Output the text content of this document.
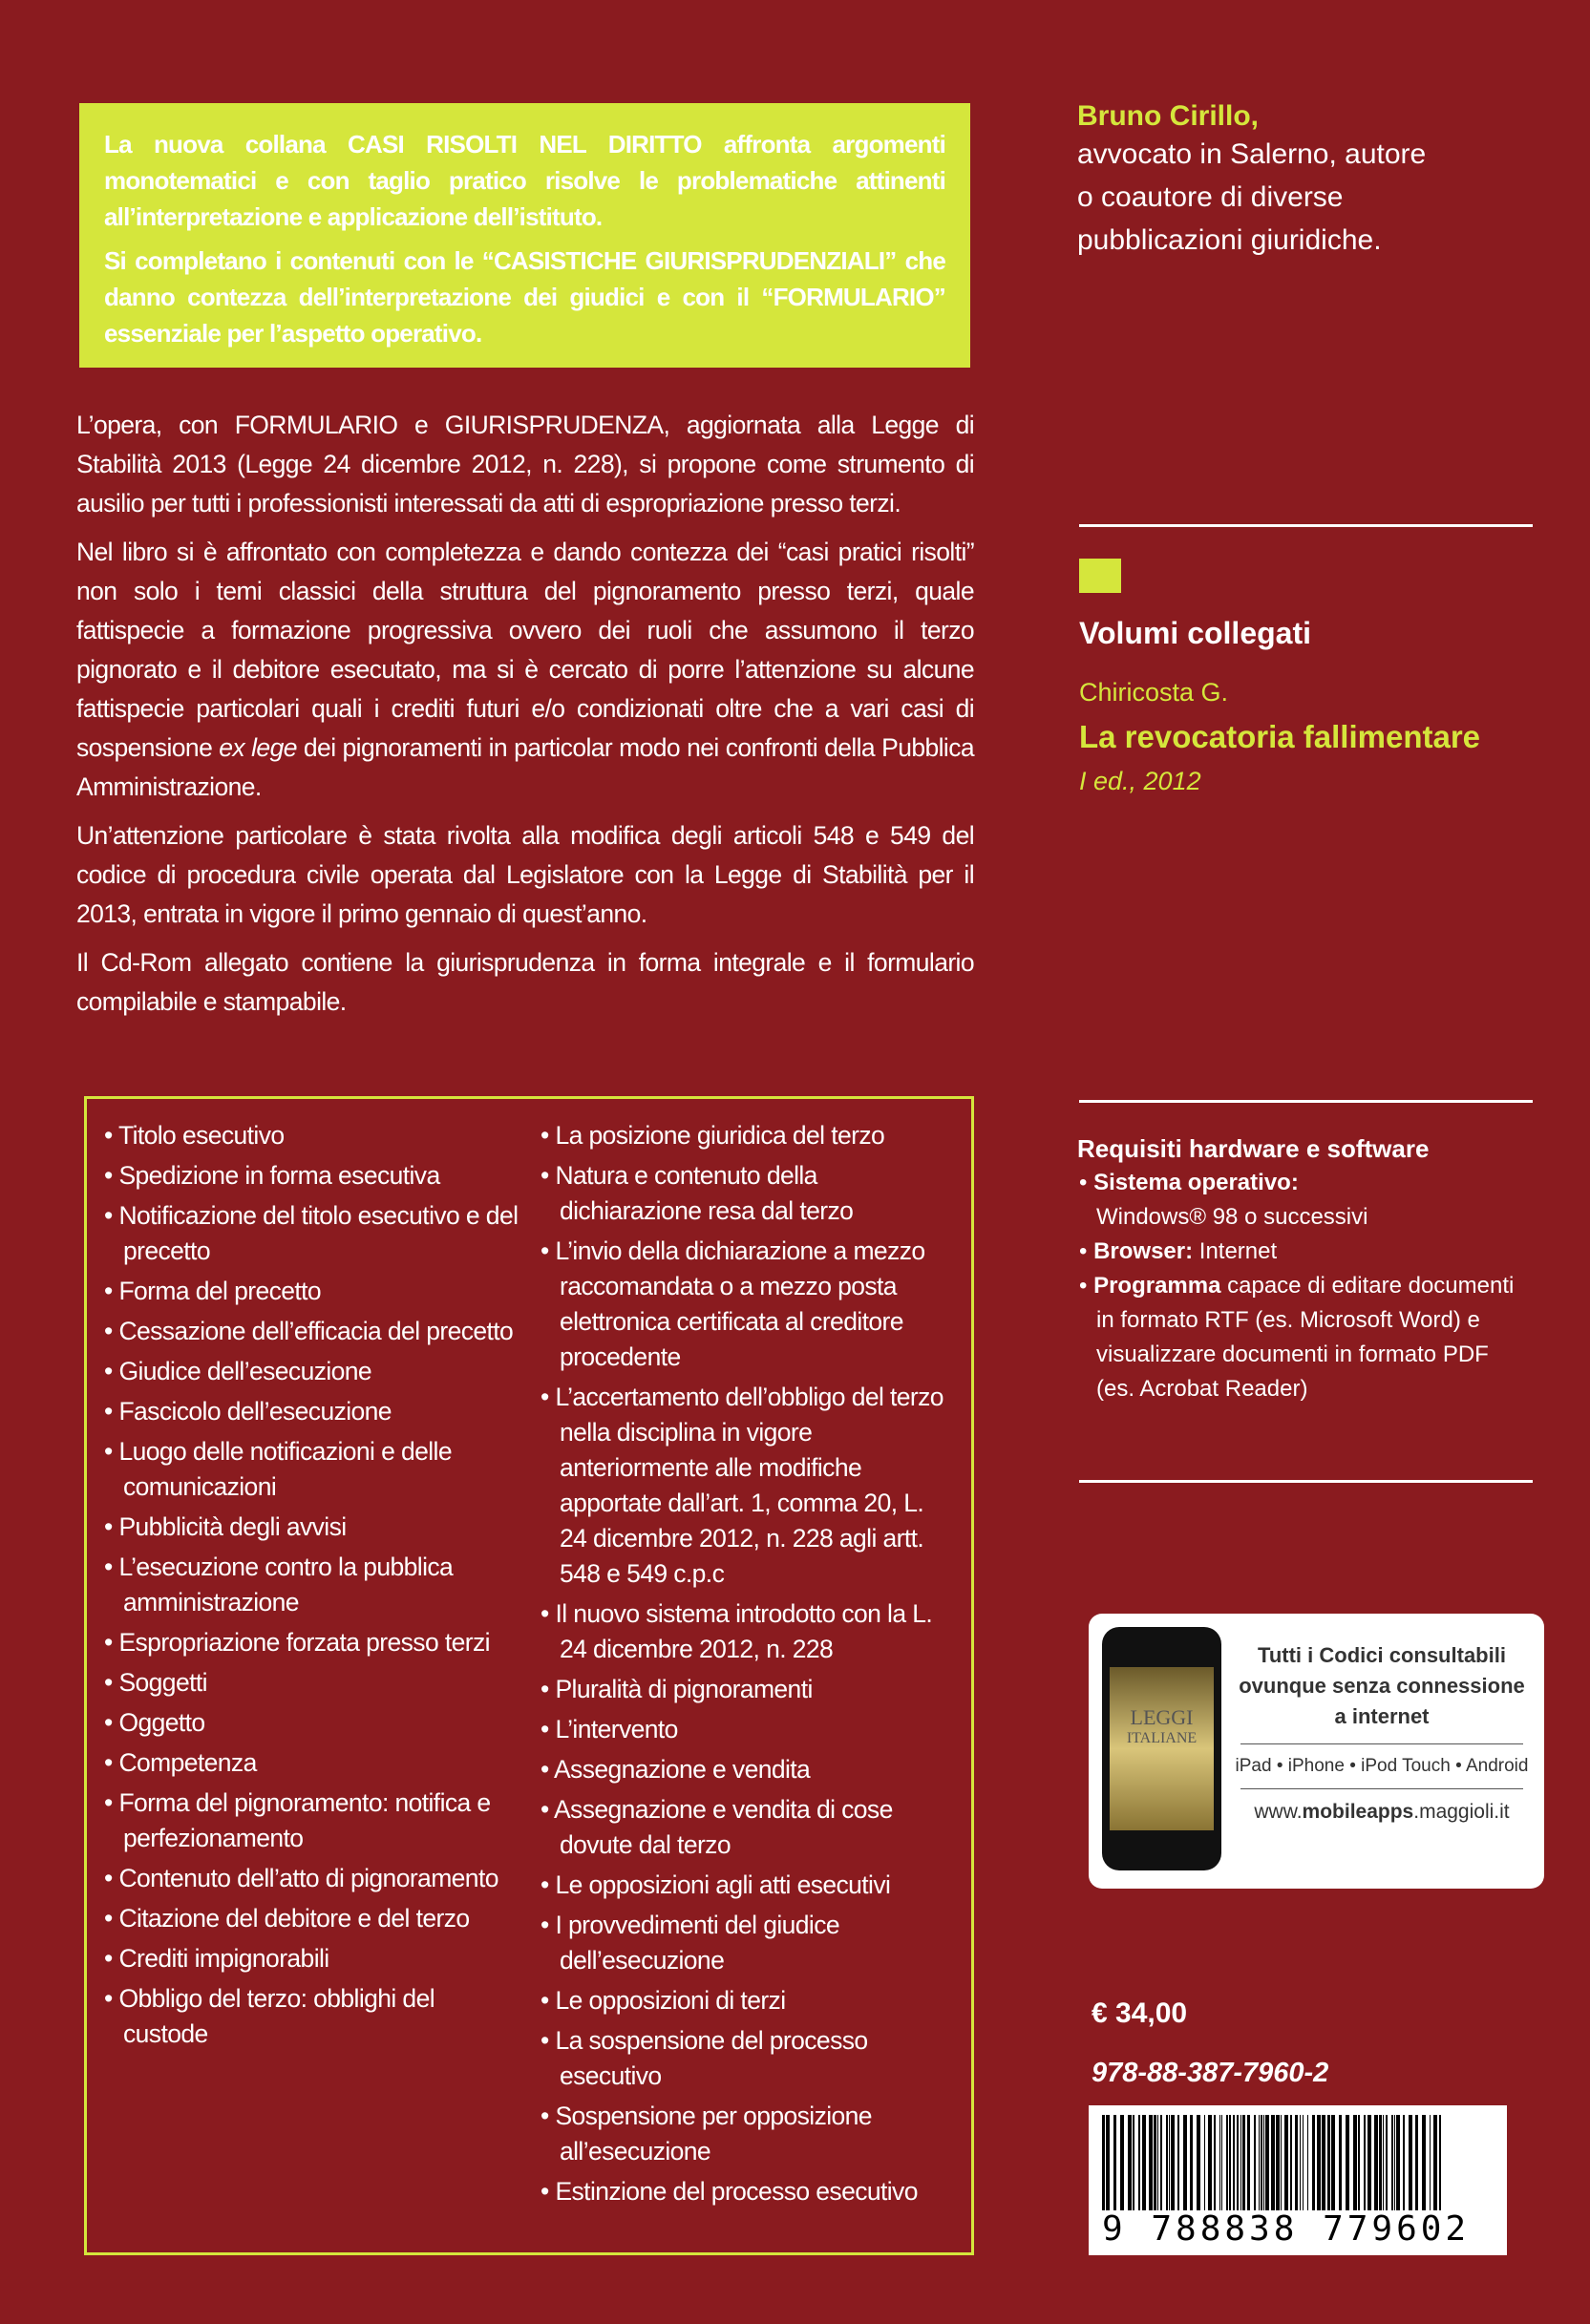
La nuova collana CASI RISOLTI NEL DIRITTO affronta argomenti monotematici e con taglio pratico risolve le problematiche attinenti all’interpretazione e applicazione dell’istituto.

Si completano i contenuti con le “CASISTICHE GIURISPRUDENZIALI” che danno contezza dell’interpretazione dei giudici e con il “FORMULARIO” essenziale per l’aspetto operativo.

L’opera, con FORMULARIO e GIURISPRUDENZA, aggiornata alla Legge di Stabilità 2013 (Legge 24 dicembre 2012, n. 228), si propone come strumento di ausilio per tutti i professionisti interessati da atti di espropriazione presso terzi.

Nel libro si è affrontato con completezza e dando contezza dei “casi pratici risolti” non solo i temi classici della struttura del pignoramento presso terzi, quale fattispecie a formazione progressiva ovvero dei ruoli che assumono il terzo pignorato e il debitore esecutato, ma si è cercato di porre l’attenzione su alcune fattispecie particolari quali i crediti futuri e/o condizionati oltre che a vari casi di sospensione ex lege dei pignoramenti in particolar modo nei confronti della Pubblica Amministrazione.

Un’attenzione particolare è stata rivolta alla modifica degli articoli 548 e 549 del codice di procedura civile operata dal Legislatore con la Legge di Stabilità per il 2013, entrata in vigore il primo gennaio di quest’anno.

Il Cd-Rom allegato contiene la giurisprudenza in forma integrale e il formulario compilabile e stampabile.

• Titolo esecutivo
• Spedizione in forma esecutiva
• Notificazione del titolo esecutivo e del precetto
• Forma del precetto
• Cessazione dell’efficacia del precetto
• Giudice dell’esecuzione
• Fascicolo dell’esecuzione
• Luogo delle notificazioni e delle comunicazioni
• Pubblicità degli avvisi
• L’esecuzione contro la pubblica amministrazione
• Espropriazione forzata presso terzi
• Soggetti
• Oggetto
• Competenza
• Forma del pignoramento: notifica e perfezionamento
• Contenuto dell’atto di pignoramento
• Citazione del debitore e del terzo
• Crediti impignorabili
• Obbligo del terzo: obblighi del custode
• La posizione giuridica del terzo
• Natura e contenuto della dichiarazione resa dal terzo
• L’invio della dichiarazione a mezzo raccomandata o a mezzo posta elettronica certificata al creditore procedente
• L’accertamento dell’obbligo del terzo nella disciplina in vigore anteriormente alle modifiche apportate dall’art. 1, comma 20, L. 24 dicembre 2012, n. 228 agli artt. 548 e 549 c.p.c
• Il nuovo sistema introdotto con la L. 24 dicembre 2012, n. 228
• Pluralità di pignoramenti
• L’intervento
• Assegnazione e vendita
• Assegnazione e vendita di cose dovute dal terzo
• Le opposizioni agli atti esecutivi
• I provvedimenti del giudice dell’esecuzione
• Le opposizioni di terzi
• La sospensione del processo esecutivo
• Sospensione per opposizione all’esecuzione
• Estinzione del processo esecutivo
Bruno Cirillo,
avvocato in Salerno, autore o coautore di diverse pubblicazioni giuridiche.
Volumi collegati
Chiricosta G.
La revocatoria fallimentare
I ed., 2012
Requisiti hardware e software
• Sistema operativo:
Windows® 98 o successivi
• Browser: Internet
• Programma capace di editare documenti in formato RTF (es. Microsoft Word) e visualizzare documenti in formato PDF (es. Acrobat Reader)
LEGGI
ITALIANE
Tutti i Codici consultabili ovunque senza connessione a internet
iPad • iPhone • iPod Touch • Android
www.mobileapps.maggioli.it
€ 34,00
978-88-387-7960-2
9 788838 779602
